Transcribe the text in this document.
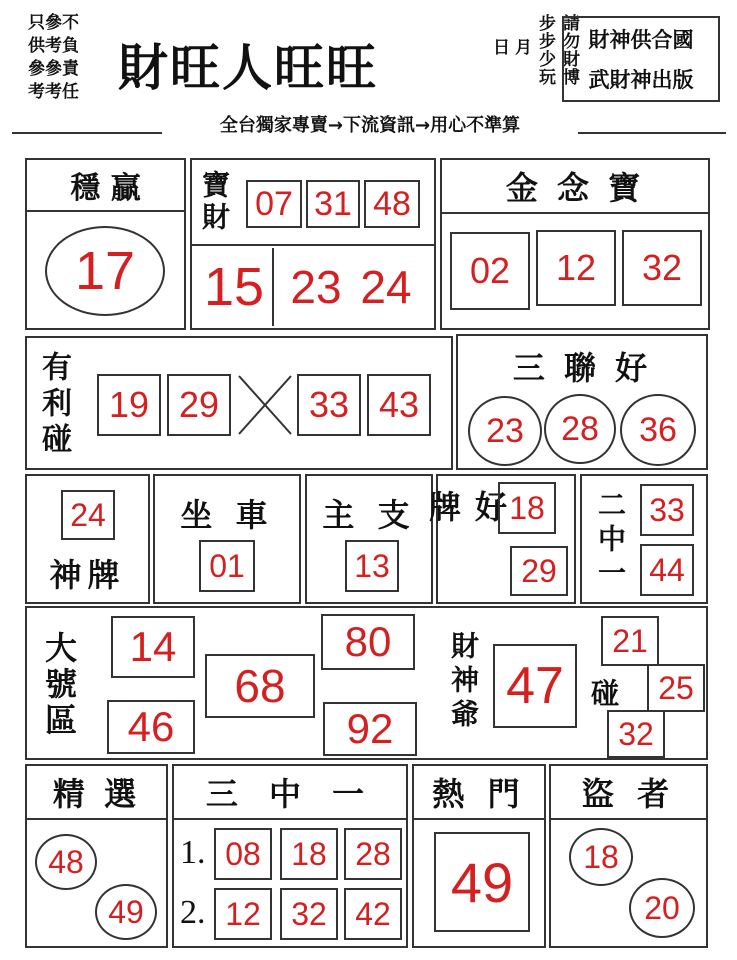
只參不
供考負
參參責
考考任 財旺人旺旺	請勿財博
步步少玩
月日	財神供合國
武財神出版
全台獨家專賣→下流資訊→用心不準算
穩 贏
17
寶財 07 31 48
15 23 24
金 念 寶
02	12	32
有利碰	19 29	33 43
三 聯 好
23	28	36
24
神牌
坐 車
01
主 支
13
好牌	18
29	二中一 33
44
大號區	14
46
68
80
92	財神爺 47 碰
21
25
32
精 選
48
49
三 中 一
1. 08 18 28
2. 12 32 42
熱 門
49
盜 者
18
20
